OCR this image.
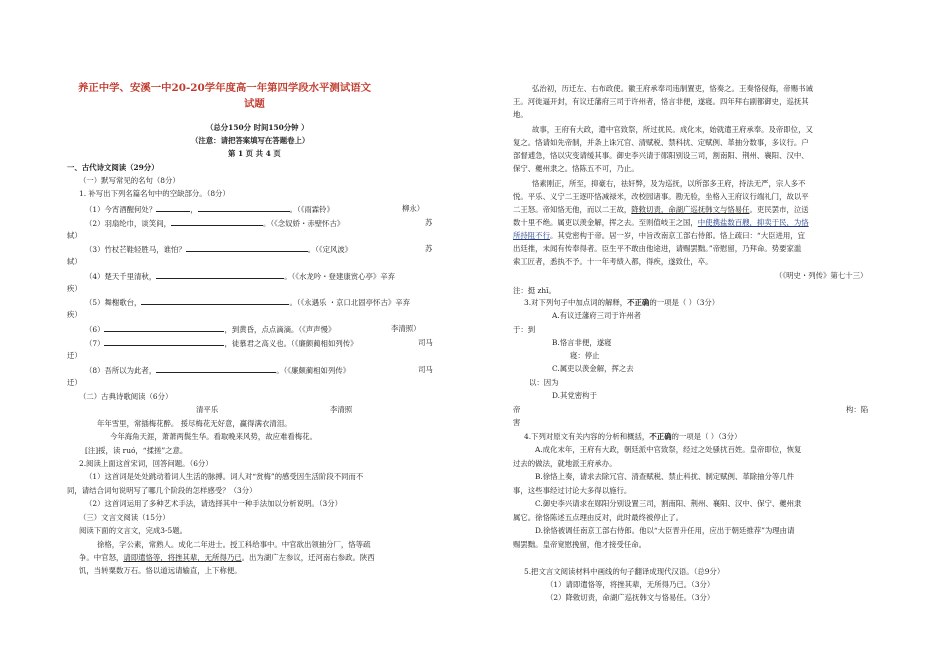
养正中学、安溪一中20-20学年度高一年第四学段水平测试语文
试题
（总分150分 时间150分钟 ）
（注意：请把答案填写在答题卷上）
第 1 页 共 4 页
一、古代诗文阅读（29分）
（一）默写常见的名句（8分）
1. 补写出下列名篇名句中的空缺部分。（8分）
（1）今宵酒醒何处？	，	。（《雨霖铃》	柳永）
（2）羽扇纶巾，谈笑间，	。（《念奴娇・赤壁怀古》	苏
轼）
（3）竹杖芒鞋轻胜马，谁怕？	。（《定风波》	苏
轼）
（4）楚天千里清秋，	。（《水龙吟・登建康赏心亭》辛弃
疾）
（5）舞榭歌台，	。（《永遇乐 ・京口北固亭怀古》辛弃
疾）
（6）	，到黄昏，点点滴滴。（《声声慢》	李清照）
（7）	，徒慕君之高义也。（《廉颇蔺相如列传》	司马
迁）
（8）吾所以为此者，	。（《廉颇蔺相如列传》	司马
迁）
（二）古典诗歌阅读（6分）
清平乐	李清照
年年雪里，常插梅花醉。 挼尽梅花无好意，赢得满衣清泪。
今年海角天涯，萧萧两鬓生华。看取晚来风势，故应难看梅花。
[注]挼，读 ruó，“揉搓”之意。
2.阅读上面这首宋词，回答问题。（6分）
（1）这首词是处处跳动着词人生活的脉搏。词人对“赏梅”的感受因生活阶段不同而不
同，请结合词句说明写了哪几个阶段的怎样感受？（3分）
（2）这首词运用了多种艺术手法，请选择其中一种手法加以分析说明。（3分）
（三）文言文阅读（15分）
阅读下面的文言文，完成3-5题。
徐格，字公素，常熟人。成化二年进士。授工科给事中。中官欲出领抽分厂，恪等疏
争。中官怒，请即遣恪等，将挫其辈，无所得乃已。出为湖广左参议，迁河南右参政。陕西
饥，当转粟数万石。恪以道远请输直，上下称便。
弘治初，历迁左、右布政使。徽王府承奉司违制置吏，恪奏之。王奏恪侵侮，帝赐书诫
王。河徙逼开封，有议迁藩府三司于许州者，恪言非便，遂寝。四年拜右副都御史，巡抚其
地。
故事，王府有大政，遣中官致祭，所过扰民。成化末，始就遣王府承奉。及帝即位，又
复之。恪请如先帝制，并条上诛冗官、清赋税、禁科扰、定赋例、革抽分数事，多议行。户
部督逋急，恪以灾变请缓其事。御史李兴请于郧阳别设三司，割南阳、荆州、襄阳、汉中、
保宁、夔州隶之。恪陈五不可，乃止。
恪素刚正，所至，抑豪右，祛奸弊，及为巡抚，以所部多王府，持法无严，宗人多不
悦。平乐、义宁二王逐吓恪减禄米，改校园诸事。勘无验，坐格入王府议行端礼门，故以平
二王怒。帝知恪无他，而以二王故，降敕切责，命湖广巡抚韩文与恪易任。吏民罢市，泣送
数十里不绝。属吏以羡金解，挥之去。至则值岐王之国，中使携盐数百艘，抑卖于民，为恪
所持阻不行。其党密构于帝。居一岁，中旨改南京工部右侍郎。恪上疏曰：“大臣进用，宜
出廷推，未闻有传奉得者。臣生平不敢由他途进，请赐罢黜。”帝慰留，乃拜命。势要家滥
索工匠者，悉执不予。十一年考绩入都，得疾，遂致仕，卒。
（《明史・列传》第七十三）
注：挺 zhǐ。
3.对下列句子中加点词的解释，不正确的一项是（ ）（3分）
A.有议迁藩府三司于许州者
于：到
B.恪言非便，遂寝
寝：停止
C.属吏以羡金解，挥之去
以：因为
D.其党密构于
帝	构：陷
害
4.下列对原文有关内容的分析和概括，不正确的一项是（ ）（3分）
A.成化末年，王府有大政，朝廷派中官致祭，经过之处骚扰百姓。皇帝即位，恢复
过去的做法，就地派王府承办。
B.徐恪上奏，请求去除冗官、清查赋税、禁止科扰、制定赋例、革除抽分等几件
事，这些事经过讨论大多得以施行。
C.御史李兴请求在郧阳分别设置三司，割南阳、荆州、襄阳、汉中、保宁、夔州隶
属它。徐恪陈述五点理由反对，此时最终被停止了。
D.徐恪被调任南京工部右侍郎。他以“大臣晋升任用，应出于朝廷推荐”为理由请
赐罢黜。皇帝宽慰挽留，他才接受任命。
5.把文言文阅读材料中画线的句子翻译成现代汉语。（总9分）
（1）请即遣恪等，将挫其辈，无所得乃已。（3分）
（2）降敕切责，命湖广巡抚韩文与恪易任。（3分）
